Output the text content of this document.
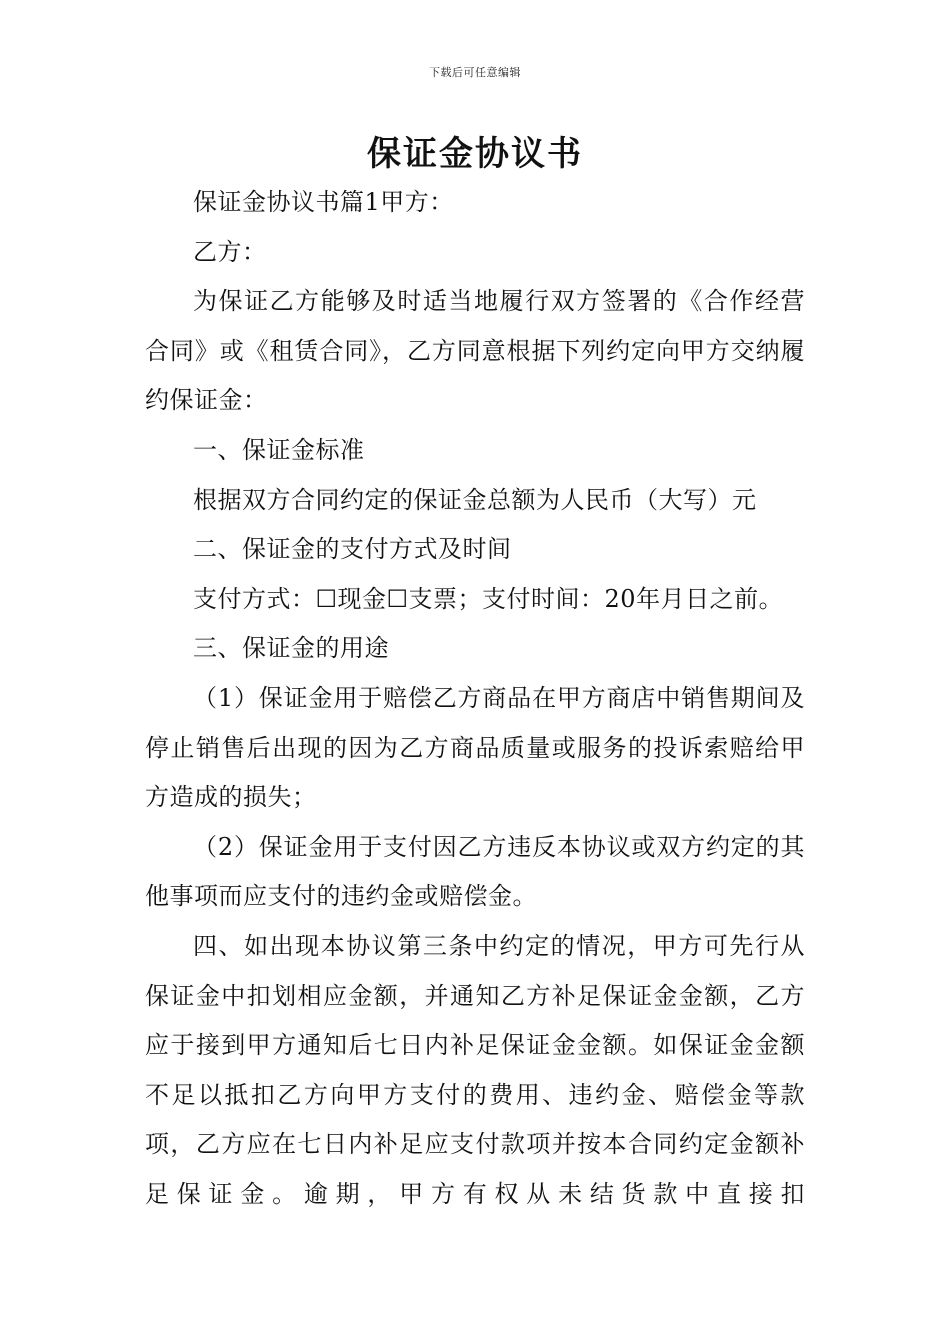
下载后可任意编辑
保证金协议书

保证金协议书篇1甲方：

乙方：

为保证乙方能够及时适当地履行双方签署的《合作经营合同》或《租赁合同》，乙方同意根据下列约定向甲方交纳履约保证金：

一、保证金标准

根据双方合同约定的保证金总额为人民币（大写）元

二、保证金的支付方式及时间

支付方式：☐现金☐支票；支付时间：20年月日之前。

三、保证金的用途

（1）保证金用于赔偿乙方商品在甲方商店中销售期间及停止销售后出现的因为乙方商品质量或服务的投诉索赔给甲方造成的损失；

（2）保证金用于支付因乙方违反本协议或双方约定的其他事项而应支付的违约金或赔偿金。

四、如出现本协议第三条中约定的情况，甲方可先行从保证金中扣划相应金额，并通知乙方补足保证金金额，乙方应于接到甲方通知后七日内补足保证金金额。如保证金金额不足以抵扣乙方向甲方支付的费用、违约金、赔偿金等款项，乙方应在七日内补足应支付款项并按本合同约定金额补足保证金。逾期，甲方有权从未结货款中直接扣
